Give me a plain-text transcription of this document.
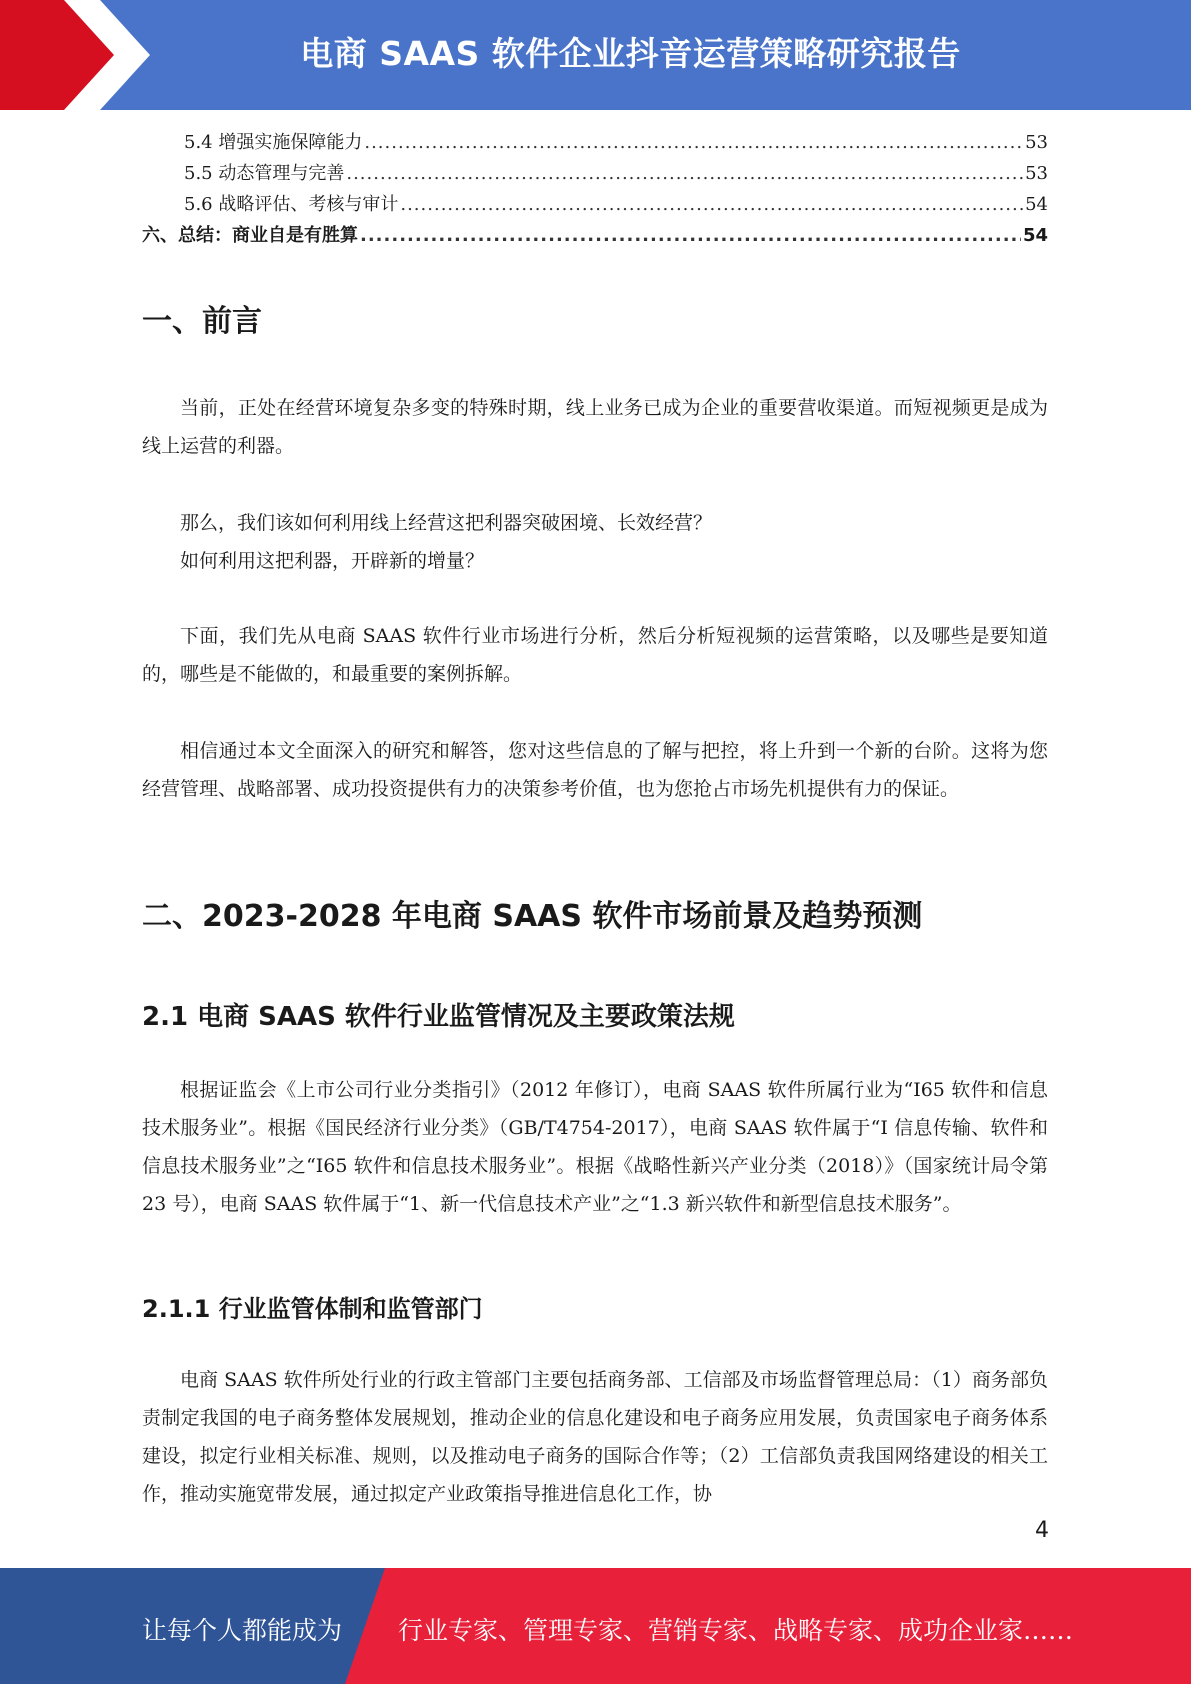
电商 SAAS 软件企业抖音运营策略研究报告
5.4 增强实施保障能力 .....	53
5.5 动态管理与完善 .....	53
5.6 战略评估、考核与审计 .....	54
六、总结：商业自是有胜算 .....	54
一、前言
当前，正处在经营环境复杂多变的特殊时期，线上业务已成为企业的重要营收渠道。而短视频更是成为线上运营的利器。
那么，我们该如何利用线上经营这把利器突破困境、长效经营？
如何利用这把利器，开辟新的增量？
下面，我们先从电商 SAAS 软件行业市场进行分析，然后分析短视频的运营策略，以及哪些是要知道的，哪些是不能做的，和最重要的案例拆解。
相信通过本文全面深入的研究和解答，您对这些信息的了解与把控，将上升到一个新的台阶。这将为您经营管理、战略部署、成功投资提供有力的决策参考价值，也为您抢占市场先机提供有力的保证。
二、2023-2028 年电商 SAAS 软件市场前景及趋势预测
2.1 电商 SAAS 软件行业监管情况及主要政策法规
根据证监会《上市公司行业分类指引》（2012 年修订），电商 SAAS 软件所属行业为“I65 软件和信息技术服务业”。根据《国民经济行业分类》（GB/T4754-2017），电商 SAAS 软件属于“I 信息传输、软件和信息技术服务业”之“I65 软件和信息技术服务业”。根据《战略性新兴产业分类（2018）》（国家统计局令第 23 号），电商 SAAS 软件属于“1、新一代信息技术产业”之“1.3 新兴软件和新型信息技术服务”。
2.1.1 行业监管体制和监管部门
电商 SAAS 软件所处行业的行政主管部门主要包括商务部、工信部及市场监督管理总局：（1）商务部负责制定我国的电子商务整体发展规划，推动企业的信息化建设和电子商务应用发展，负责国家电子商务体系建设，拟定行业相关标准、规则，以及推动电子商务的国际合作等；（2）工信部负责我国网络建设的相关工作，推动实施宽带发展，通过拟定产业政策指导推进信息化工作，协
4
让每个人都能成为 行业专家、管理专家、营销专家、战略专家、成功企业家……
